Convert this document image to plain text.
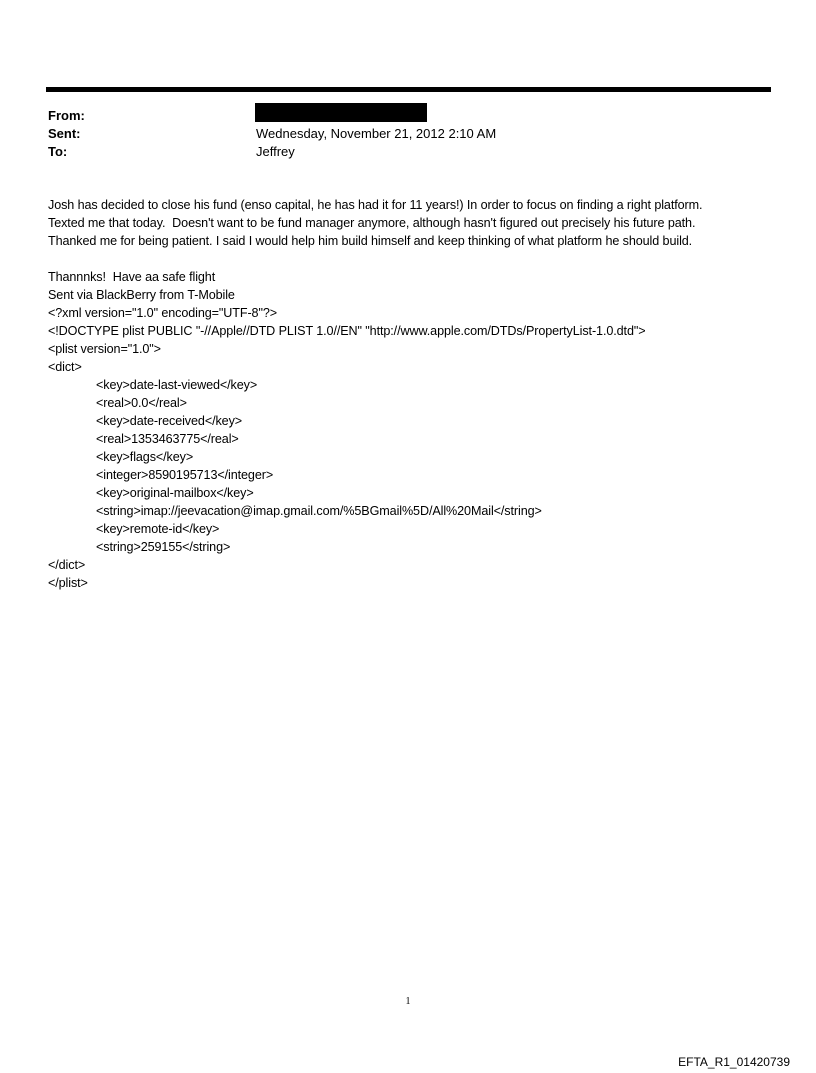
From:
Sent:	Wednesday, November 21, 2012 2:10 AM
To:	Jeffrey
Josh has decided to close his fund (enso capital, he has had it for 11 years!) In order to focus on finding a right platform.
Texted me that today.  Doesn't want to be fund manager anymore, although hasn't figured out precisely his future path.
Thanked me for being patient. I said I would help him build himself and keep thinking of what platform he should build.
Thannnks!  Have aa safe flight
Sent via BlackBerry from T-Mobile
<?xml version="1.0" encoding="UTF-8"?>
<!DOCTYPE plist PUBLIC "-//Apple//DTD PLIST 1.0//EN" "http://www.apple.com/DTDs/PropertyList-1.0.dtd">
<plist version="1.0">
<dict>
<key>date-last-viewed</key>
<real>0.0</real>
<key>date-received</key>
<real>1353463775</real>
<key>flags</key>
<integer>8590195713</integer>
<key>original-mailbox</key>
<string>imap://jeevacation@imap.gmail.com/%5BGmail%5D/All%20Mail</string>
<key>remote-id</key>
<string>259155</string>
</dict>
</plist>
1
EFTA_R1_01420739
